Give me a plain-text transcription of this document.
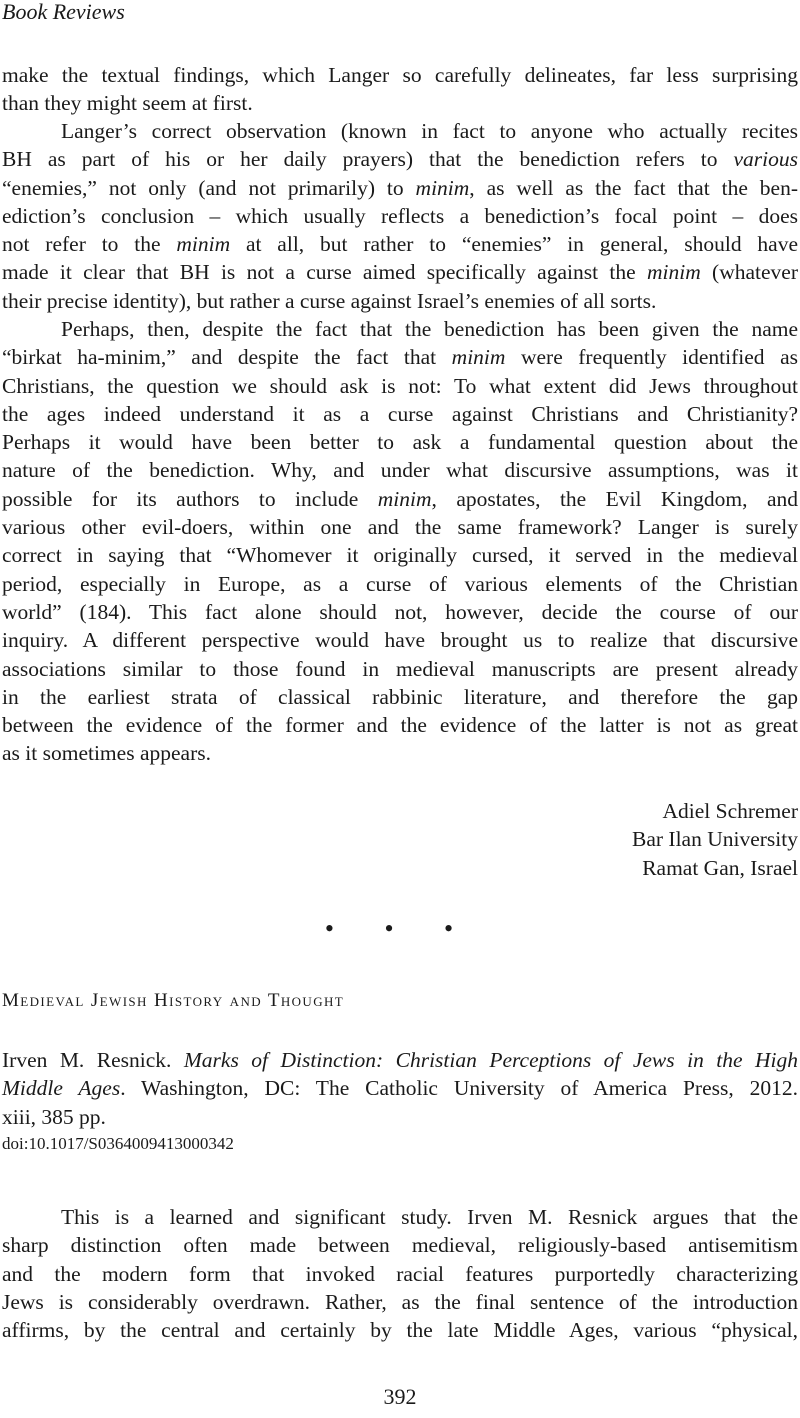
Book Reviews
make the textual findings, which Langer so carefully delineates, far less surprising
than they might seem at first.
Langer’s correct observation (known in fact to anyone who actually recites
BH as part of his or her daily prayers) that the benediction refers to various
“enemies,” not only (and not primarily) to minim, as well as the fact that the ben-
ediction’s conclusion – which usually reflects a benediction’s focal point – does
not refer to the minim at all, but rather to “enemies” in general, should have
made it clear that BH is not a curse aimed specifically against the minim (whatever
their precise identity), but rather a curse against Israel’s enemies of all sorts.
Perhaps, then, despite the fact that the benediction has been given the name
“birkat ha-minim,” and despite the fact that minim were frequently identified as
Christians, the question we should ask is not: To what extent did Jews throughout
the ages indeed understand it as a curse against Christians and Christianity?
Perhaps it would have been better to ask a fundamental question about the
nature of the benediction. Why, and under what discursive assumptions, was it
possible for its authors to include minim, apostates, the Evil Kingdom, and
various other evil-doers, within one and the same framework? Langer is surely
correct in saying that “Whomever it originally cursed, it served in the medieval
period, especially in Europe, as a curse of various elements of the Christian
world” (184). This fact alone should not, however, decide the course of our
inquiry. A different perspective would have brought us to realize that discursive
associations similar to those found in medieval manuscripts are present already
in the earliest strata of classical rabbinic literature, and therefore the gap
between the evidence of the former and the evidence of the latter is not as great
as it sometimes appears.
Adiel Schremer
Bar Ilan University
Ramat Gan, Israel
• • •
Medieval Jewish History and Thought
Irven M. Resnick. Marks of Distinction: Christian Perceptions of Jews in the High
Middle Ages. Washington, DC: The Catholic University of America Press, 2012.
xiii, 385 pp.
doi:10.1017/S0364009413000342
This is a learned and significant study. Irven M. Resnick argues that the
sharp distinction often made between medieval, religiously-based antisemitism
and the modern form that invoked racial features purportedly characterizing
Jews is considerably overdrawn. Rather, as the final sentence of the introduction
affirms, by the central and certainly by the late Middle Ages, various “physical,
392
